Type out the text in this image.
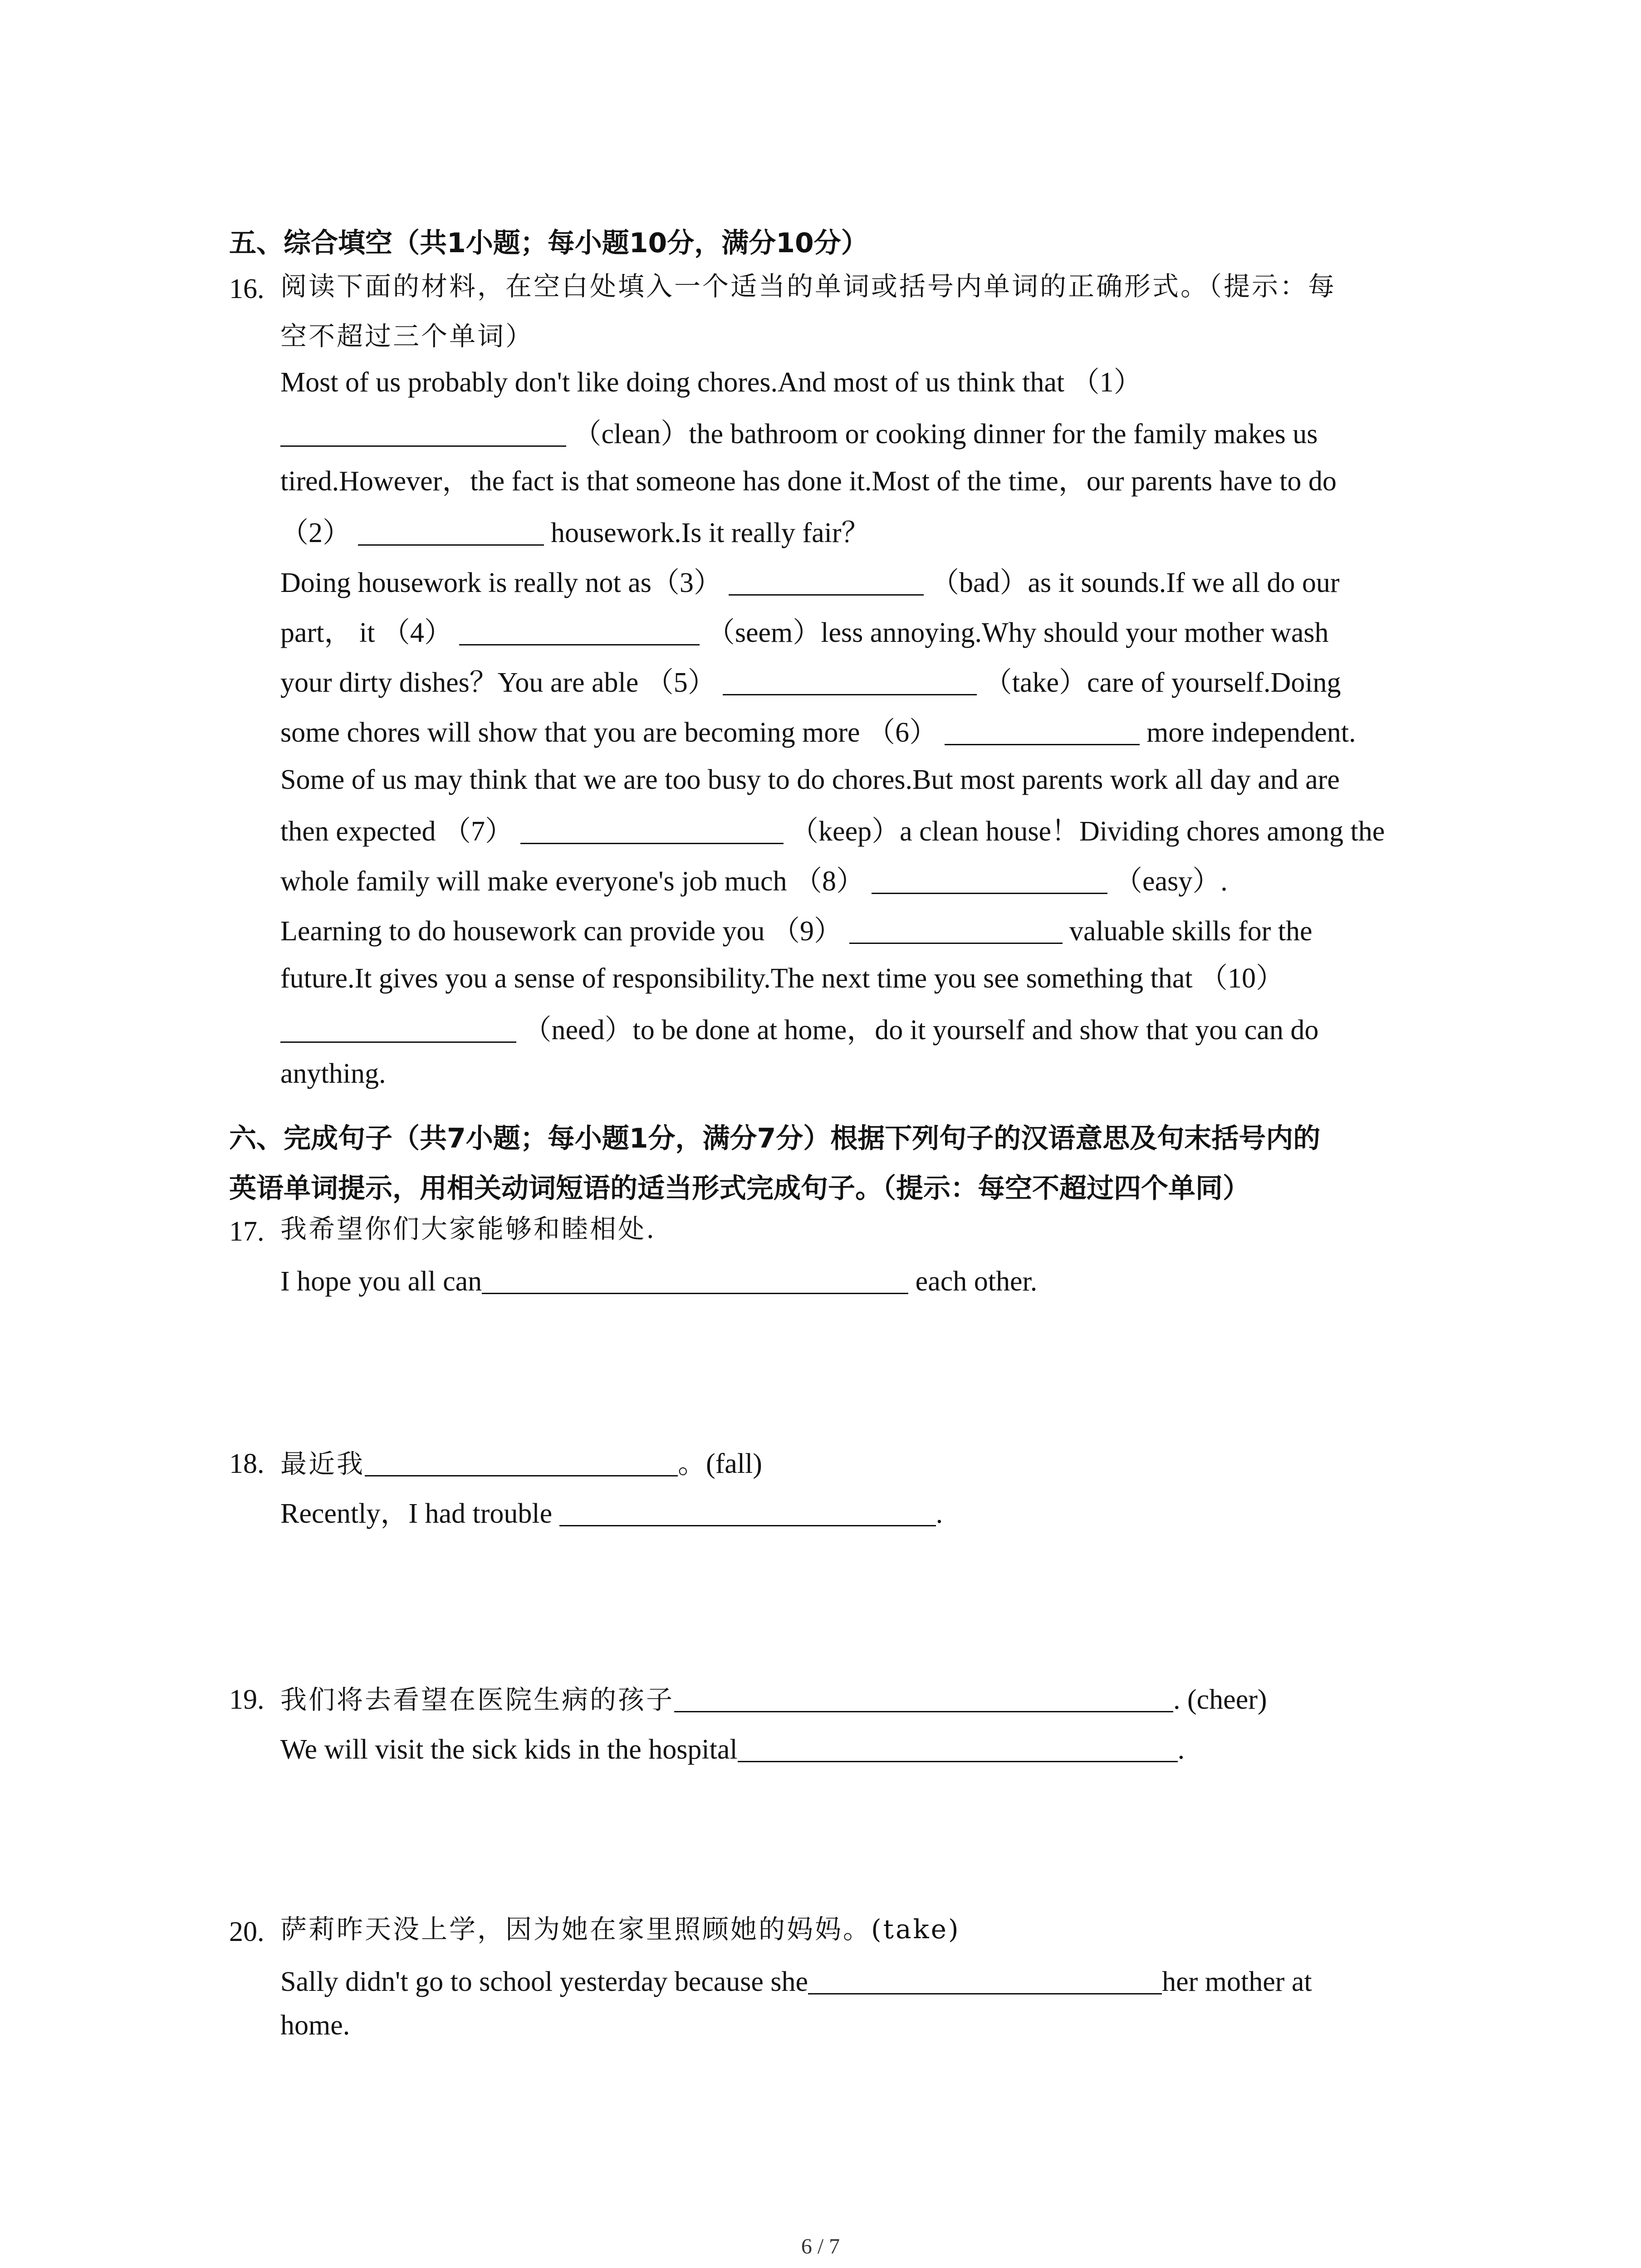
五、综合填空（共1小题；每小题10分，满分10分）
16. 阅读下面的材料，在空白处填入一个适当的单词或括号内单词的正确形式。（提示：每
空不超过三个单词）
Most of us probably don't like doing chores.And most of us think that （1）
（clean）the bathroom or cooking dinner for the family makes us
tired.However，the fact is that someone has done it.Most of the time，our parents have to do
（2）	housework.Is it really fair？
Doing housework is really not as（3）	（bad）as it sounds.If we all do our
part， it （4）	（seem）less annoying.Why should your mother wash
your dirty dishes？You are able （5）	（take）care of yourself.Doing
some chores will show that you are becoming more （6）	more independent.
Some of us may think that we are too busy to do chores.But most parents work all day and are
then expected （7）	（keep）a clean house！Dividing chores among the
whole family will make everyone's job much （8）	（easy）.
Learning to do housework can provide you （9）	valuable skills for the
future.It gives you a sense of responsibility.The next time you see something that （10）
（need）to be done at home，do it yourself and show that you can do
anything.
六、完成句子（共7小题；每小题1分，满分7分）根据下列句子的汉语意思及句末括号内的
英语单词提示，用相关动词短语的适当形式完成句子。（提示：每空不超过四个单同）
17. 我希望你们大家能够和睦相处.
I hope you all can	each other.
18. 最近我	。(fall)
Recently，I had trouble	.
19. 我们将去看望在医院生病的孩子	. (cheer)
We will visit the sick kids in the hospital	.
20. 萨莉昨天没上学，因为她在家里照顾她的妈妈。(take)
Sally didn't go to school yesterday because she	her mother at
home.
6 / 7
